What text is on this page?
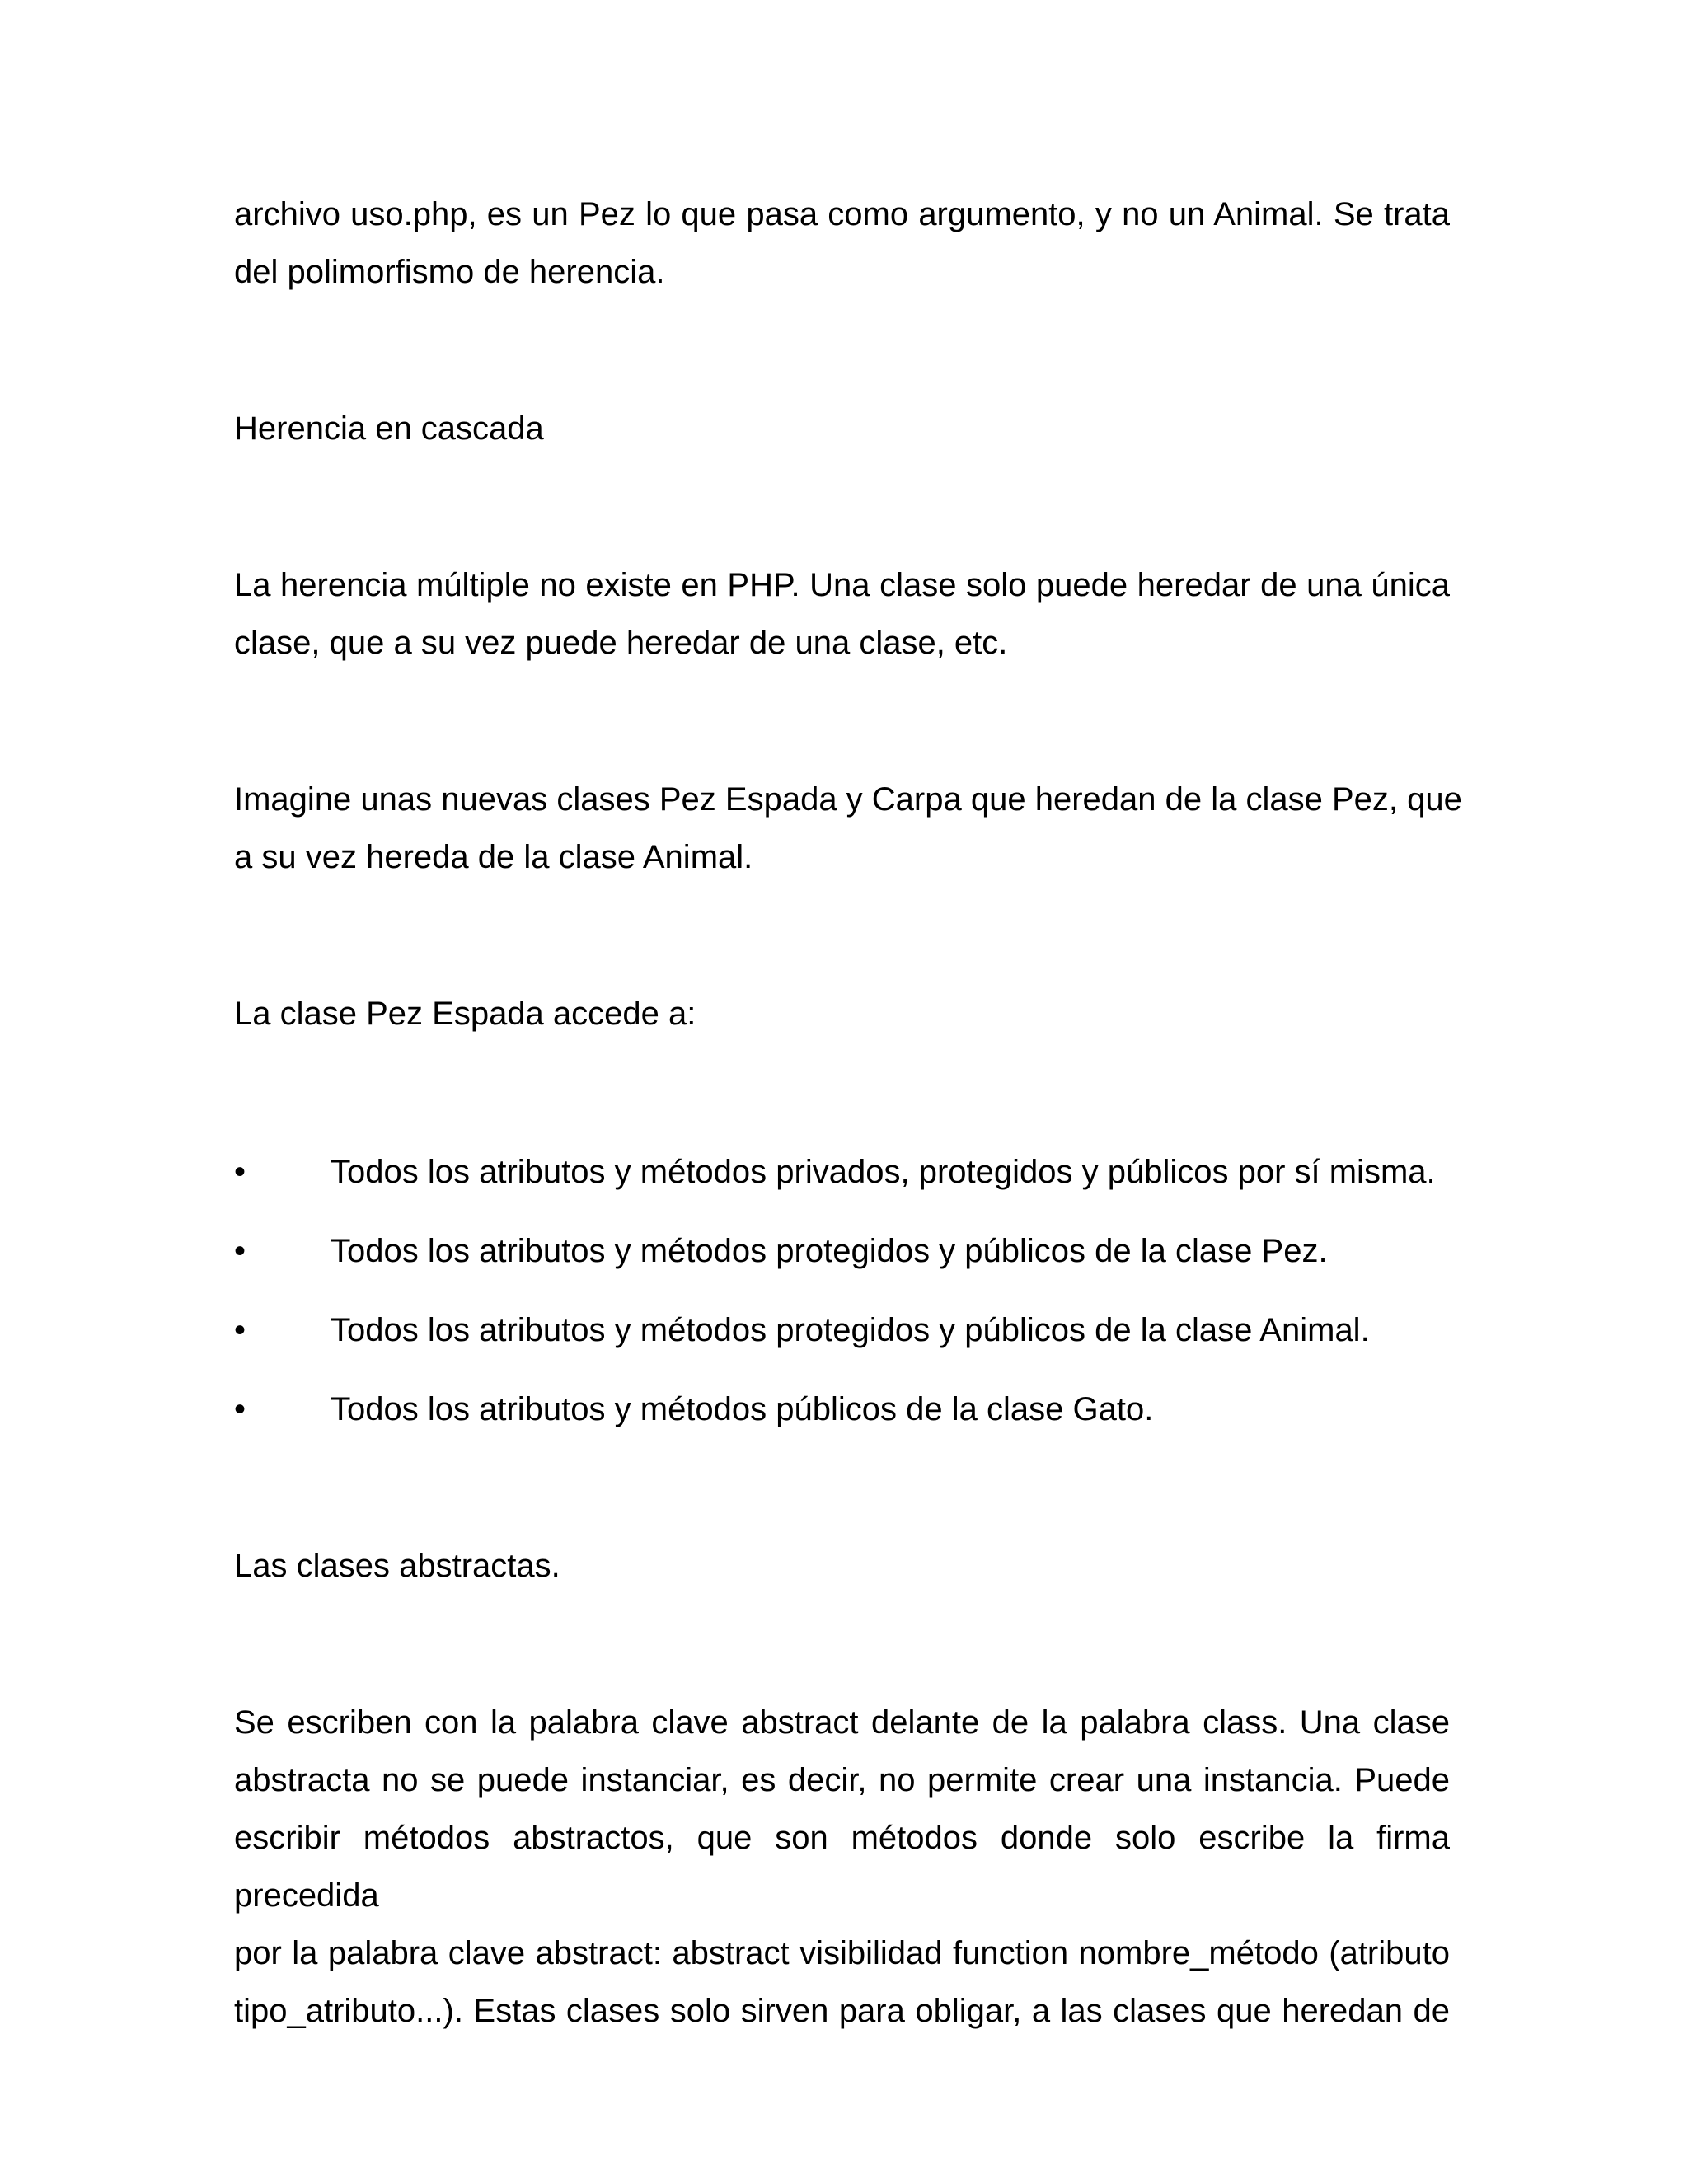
archivo uso.php, es un Pez lo que pasa como argumento, y no un Animal. Se trata

del polimorfismo de herencia.

Herencia en cascada

La herencia múltiple no existe en PHP. Una clase solo puede heredar de una única

clase, que a su vez puede heredar de una clase, etc.

Imagine unas nuevas clases Pez Espada y Carpa que heredan de la clase Pez, que

a su vez hereda de la clase Animal.

La clase Pez Espada accede a:

•	Todos los atributos y métodos privados, protegidos y públicos por sí misma.
•	Todos los atributos y métodos protegidos y públicos de la clase Pez.
•	Todos los atributos y métodos protegidos y públicos de la clase Animal.
•	Todos los atributos y métodos públicos de la clase Gato.

Las clases abstractas.

Se escriben con la palabra clave abstract delante de la palabra class. Una clase

abstracta no se puede instanciar, es decir, no permite crear una instancia. Puede

escribir métodos abstractos, que son métodos donde solo escribe la firma precedida

por la palabra clave abstract: abstract visibilidad function nombre_método (atributo

tipo_atributo...). Estas clases solo sirven para obligar, a las clases que heredan de
